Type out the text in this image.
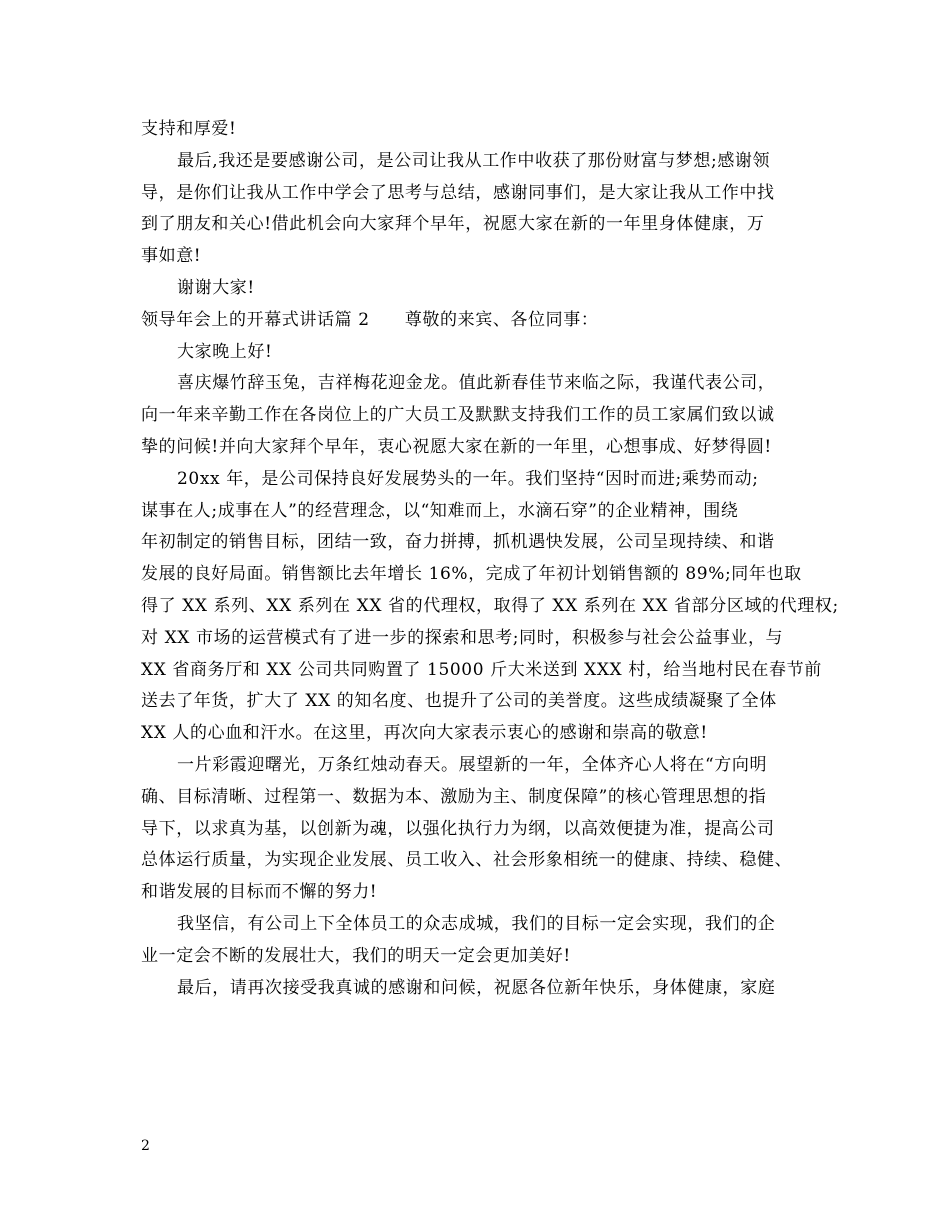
支持和厚爱!
最后,我还是要感谢公司，是公司让我从工作中收获了那份财富与梦想;感谢领
导，是你们让我从工作中学会了思考与总结，感谢同事们，是大家让我从工作中找
到了朋友和关心!借此机会向大家拜个早年，祝愿大家在新的一年里身体健康，万
事如意!
谢谢大家!
领导年会上的开幕式讲话篇 2　　尊敬的来宾、各位同事：
大家晚上好!
喜庆爆竹辞玉兔，吉祥梅花迎金龙。值此新春佳节来临之际，我谨代表公司，
向一年来辛勤工作在各岗位上的广大员工及默默支持我们工作的员工家属们致以诚
挚的问候!并向大家拜个早年，衷心祝愿大家在新的一年里，心想事成、好梦得圆!
20xx 年，是公司保持良好发展势头的一年。我们坚持“因时而进;乘势而动;
谋事在人;成事在人”的经营理念，以“知难而上，水滴石穿”的企业精神，围绕
年初制定的销售目标，团结一致，奋力拼搏，抓机遇快发展，公司呈现持续、和谐
发展的良好局面。销售额比去年增长 16%，完成了年初计划销售额的 89%;同年也取
得了 XX 系列、XX 系列在 XX 省的代理权，取得了 XX 系列在 XX 省部分区域的代理权;
对 XX 市场的运营模式有了进一步的探索和思考;同时，积极参与社会公益事业，与
XX 省商务厅和 XX 公司共同购置了 15000 斤大米送到 XXX 村，给当地村民在春节前
送去了年货，扩大了 XX 的知名度、也提升了公司的美誉度。这些成绩凝聚了全体
XX 人的心血和汗水。在这里，再次向大家表示衷心的感谢和崇高的敬意!
一片彩霞迎曙光，万条红烛动春天。展望新的一年，全体齐心人将在“方向明
确、目标清晰、过程第一、数据为本、激励为主、制度保障”的核心管理思想的指
导下，以求真为基，以创新为魂，以强化执行力为纲，以高效便捷为准，提高公司
总体运行质量，为实现企业发展、员工收入、社会形象相统一的健康、持续、稳健、
和谐发展的目标而不懈的努力!
我坚信，有公司上下全体员工的众志成城，我们的目标一定会实现，我们的企
业一定会不断的发展壮大，我们的明天一定会更加美好!
最后，请再次接受我真诚的感谢和问候，祝愿各位新年快乐，身体健康，家庭
2
